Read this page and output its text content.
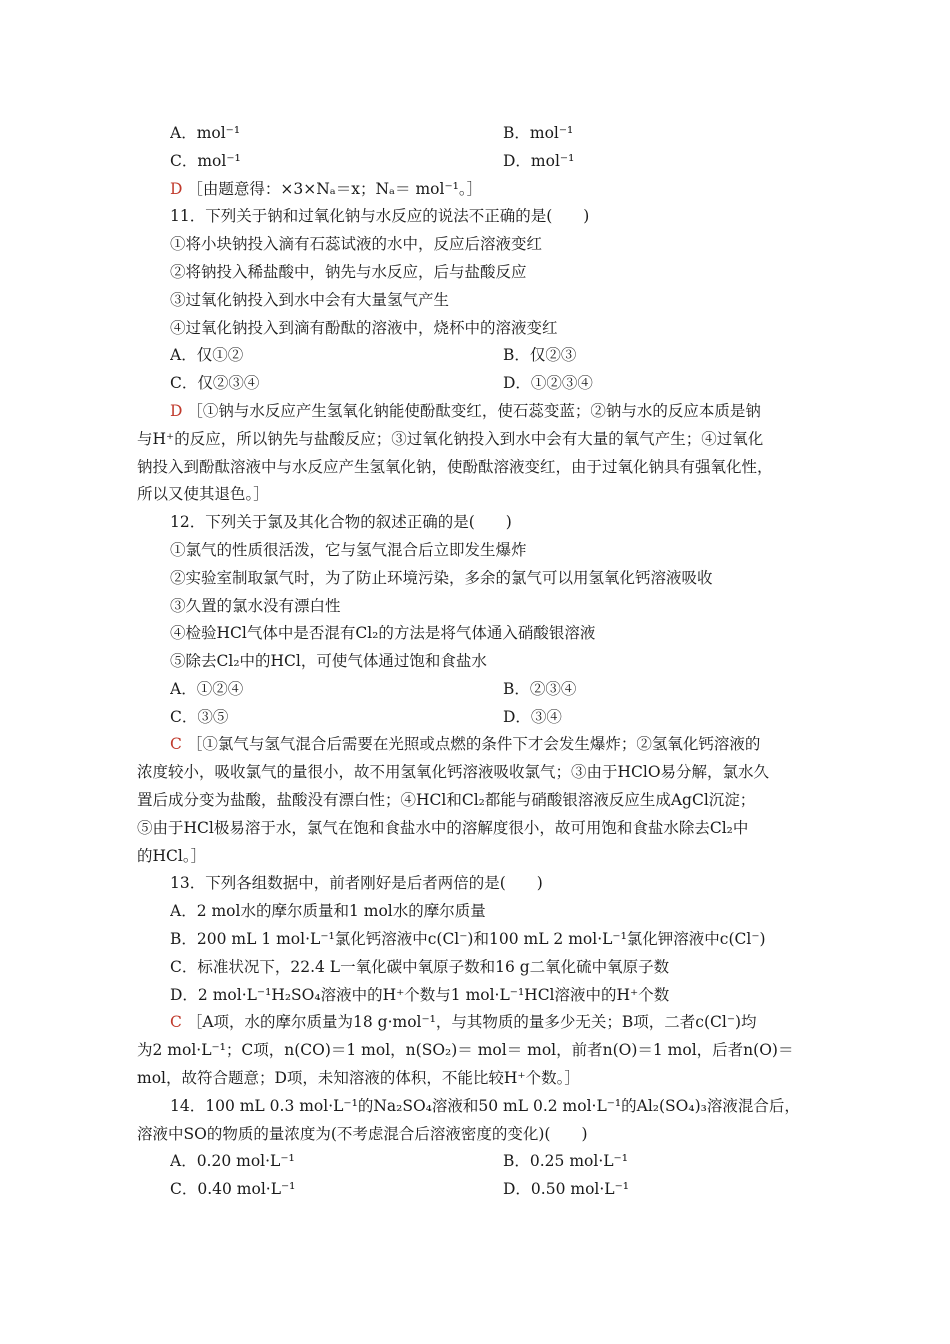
A．mol⁻¹	B．mol⁻¹
C．mol⁻¹	D．mol⁻¹
D ［由题意得：×3×Nₐ＝x；Nₐ＝ mol⁻¹。］
11．下列关于钠和过氧化钠与水反应的说法不正确的是(　　)
①将小块钠投入滴有石蕊试液的水中，反应后溶液变红
②将钠投入稀盐酸中，钠先与水反应，后与盐酸反应
③过氧化钠投入到水中会有大量氢气产生
④过氧化钠投入到滴有酚酞的溶液中，烧杯中的溶液变红
A．仅①②	B．仅②③
C．仅②③④	D．①②③④
D ［①钠与水反应产生氢氧化钠能使酚酞变红，使石蕊变蓝；②钠与水的反应本质是钠
与H⁺的反应，所以钠先与盐酸反应；③过氧化钠投入到水中会有大量的氧气产生；④过氧化
钠投入到酚酞溶液中与水反应产生氢氧化钠，使酚酞溶液变红，由于过氧化钠具有强氧化性，
所以又使其退色。］
12．下列关于氯及其化合物的叙述正确的是(　　)
①氯气的性质很活泼，它与氢气混合后立即发生爆炸
②实验室制取氯气时，为了防止环境污染，多余的氯气可以用氢氧化钙溶液吸收
③久置的氯水没有漂白性
④检验HCl气体中是否混有Cl₂的方法是将气体通入硝酸银溶液
⑤除去Cl₂中的HCl，可使气体通过饱和食盐水
A．①②④	B．②③④
C．③⑤	D．③④
C ［①氯气与氢气混合后需要在光照或点燃的条件下才会发生爆炸；②氢氧化钙溶液的
浓度较小，吸收氯气的量很小，故不用氢氧化钙溶液吸收氯气；③由于HClO易分解，氯水久
置后成分变为盐酸，盐酸没有漂白性；④HCl和Cl₂都能与硝酸银溶液反应生成AgCl沉淀；
⑤由于HCl极易溶于水，氯气在饱和食盐水中的溶解度很小，故可用饱和食盐水除去Cl₂中
的HCl。］
13．下列各组数据中，前者刚好是后者两倍的是(　　)
A．2 mol水的摩尔质量和1 mol水的摩尔质量
B．200 mL 1 mol·L⁻¹氯化钙溶液中c(Cl⁻)和100 mL 2 mol·L⁻¹氯化钾溶液中c(Cl⁻)
C．标准状况下，22.4 L一氧化碳中氧原子数和16 g二氧化硫中氧原子数
D．2 mol·L⁻¹H₂SO₄溶液中的H⁺个数与1 mol·L⁻¹HCl溶液中的H⁺个数
C ［A项，水的摩尔质量为18 g·mol⁻¹，与其物质的量多少无关；B项，二者c(Cl⁻)均
为2 mol·L⁻¹；C项，n(CO)＝1 mol，n(SO₂)＝ mol＝ mol，前者n(O)＝1 mol，后者n(O)＝
mol，故符合题意；D项，未知溶液的体积，不能比较H⁺个数。］
14．100 mL 0.3 mol·L⁻¹的Na₂SO₄溶液和50 mL 0.2 mol·L⁻¹的Al₂(SO₄)₃溶液混合后，
溶液中SO的物质的量浓度为(不考虑混合后溶液密度的变化)(　　)
A．0.20 mol·L⁻¹	B．0.25 mol·L⁻¹
C．0.40 mol·L⁻¹	D．0.50 mol·L⁻¹
